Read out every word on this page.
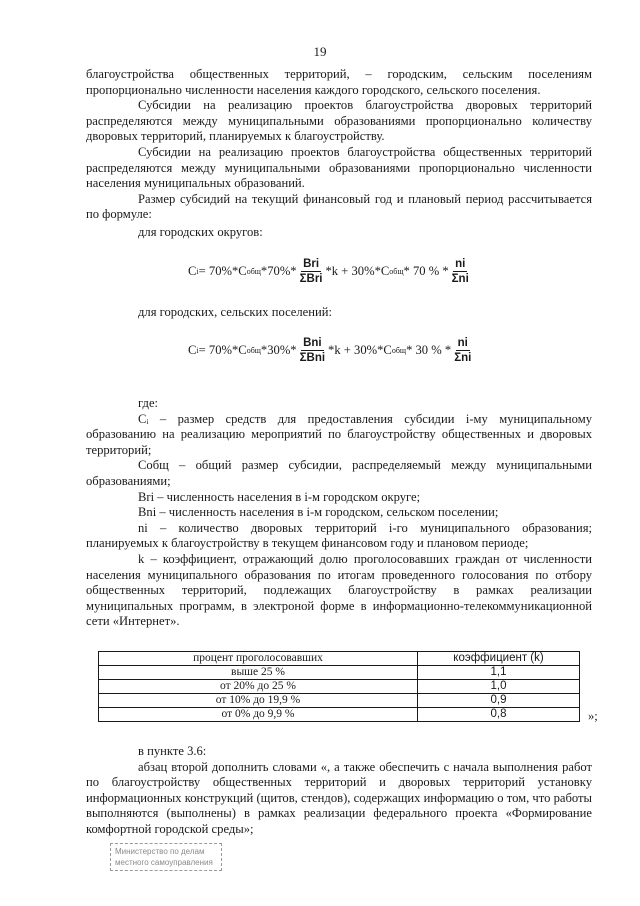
19

благоустройства общественных территорий, – городским, сельским поселениям пропорционально численности населения каждого городского, сельского поселения.

Субсидии на реализацию проектов благоустройства дворовых территорий распределяются между муниципальными образованиями пропорционально количеству дворовых территорий, планируемых к благоустройству.

Субсидии на реализацию проектов благоустройства общественных территорий распределяются между муниципальными образованиями пропорционально численности населения муниципальных образований.

Размер субсидий на текущий финансовый год и плановый период рассчитывается по формуле:

для городских округов:

C i = 70%*C общ $*70\%* \frac{\text{Bri}}{\text{ΣBri}} *k + 30\%*C$ общ * 70 % * $\frac{ni}{\text{Σni}}$

для городских, сельских поселений:

C i = 70%*C общ $*30\%* \frac{\text{Bni}}{\text{ΣBni}} *k + 30\%*C$ общ * 30 % * $\frac{ni}{\text{Σni}}$

где:

Cᵢ – размер средств для предоставления субсидии i-му муниципальному образованию на реализацию мероприятий по благоустройству общественных и дворовых территорий;

Cобщ – общий размер субсидии, распределяемый между муниципальными образованиями;

Bri – численность населения в i-м городском округе;

Bni – численность населения в i-м городском, сельском поселении;

ni – количество дворовых территорий i-го муниципального образования; планируемых к благоустройству в текущем финансовом году и плановом периоде;

k – коэффициент, отражающий долю проголосовавших граждан от численности населения муниципального образования по итогам проведенного голосования по отбору общественных территорий, подлежащих благоустройству в рамках реализации муниципальных программ, в электроной форме в информационно-телекоммуникационной сети «Интернет».

процент проголосовавших	коэффициент (k)
выше 25 %	1,1
от 20% до 25 %	1,0
от 10% до 19,9 %	0,9
от 0% до 9,9 %	0,8	»;

в пункте 3.6:

абзац второй дополнить словами «, а также обеспечить с начала выполнения работ по благоустройству общественных территорий и дворовых территорий установку информационных конструкций (щитов, стендов), содержащих информацию о том, что работы выполняются (выполнены) в рамках реализации федерального проекта «Формирование комфортной городской среды»;

Министерство по делам
местного самоуправления
